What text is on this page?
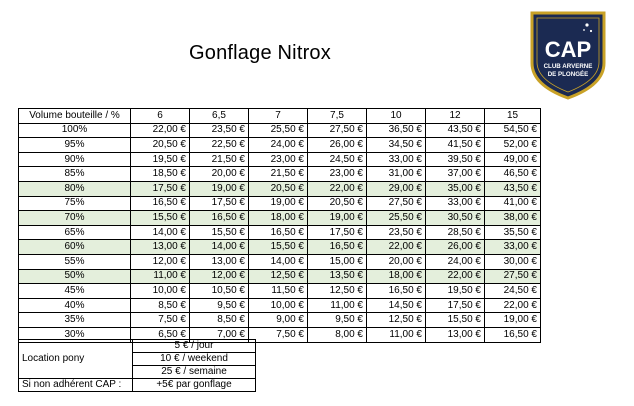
Gonflage Nitrox	CAP
CLUB ARVERNE
DE PLONGÉE
Volume bouteille / %	6	6,5	7	7,5	10	12	15
100%	22,00 €	23,50 €	25,50 €	27,50 €	36,50 €	43,50 €	54,50 €
95%	20,50 €	22,50 €	24,00 €	26,00 €	34,50 €	41,50 €	52,00 €
90%	19,50 €	21,50 €	23,00 €	24,50 €	33,00 €	39,50 €	49,00 €
85%	18,50 €	20,00 €	21,50 €	23,00 €	31,00 €	37,00 €	46,50 €
80%	17,50 €	19,00 €	20,50 €	22,00 €	29,00 €	35,00 €	43,50 €
75%	16,50 €	17,50 €	19,00 €	20,50 €	27,50 €	33,00 €	41,00 €
70%	15,50 €	16,50 €	18,00 €	19,00 €	25,50 €	30,50 €	38,00 €
65%	14,00 €	15,50 €	16,50 €	17,50 €	23,50 €	28,50 €	35,50 €
60%	13,00 €	14,00 €	15,50 €	16,50 €	22,00 €	26,00 €	33,00 €
55%	12,00 €	13,00 €	14,00 €	15,00 €	20,00 €	24,00 €	30,00 €
50%	11,00 €	12,00 €	12,50 €	13,50 €	18,00 €	22,00 €	27,50 €
45%	10,00 €	10,50 €	11,50 €	12,50 €	16,50 €	19,50 €	24,50 €
40%	8,50 €	9,50 €	10,00 €	11,00 €	14,50 €	17,50 €	22,00 €
35%	7,50 €	8,50 €	9,00 €	9,50 €	12,50 €	15,50 €	19,00 €
30%	6,50 €	7,00 €	7,50 €	8,00 €	11,00 €	13,00 €	16,50 €
Location pony	5 € / jour
	10 € / weekend
	25 € / semaine
Si non adhérent CAP :	+5€ par gonflage
